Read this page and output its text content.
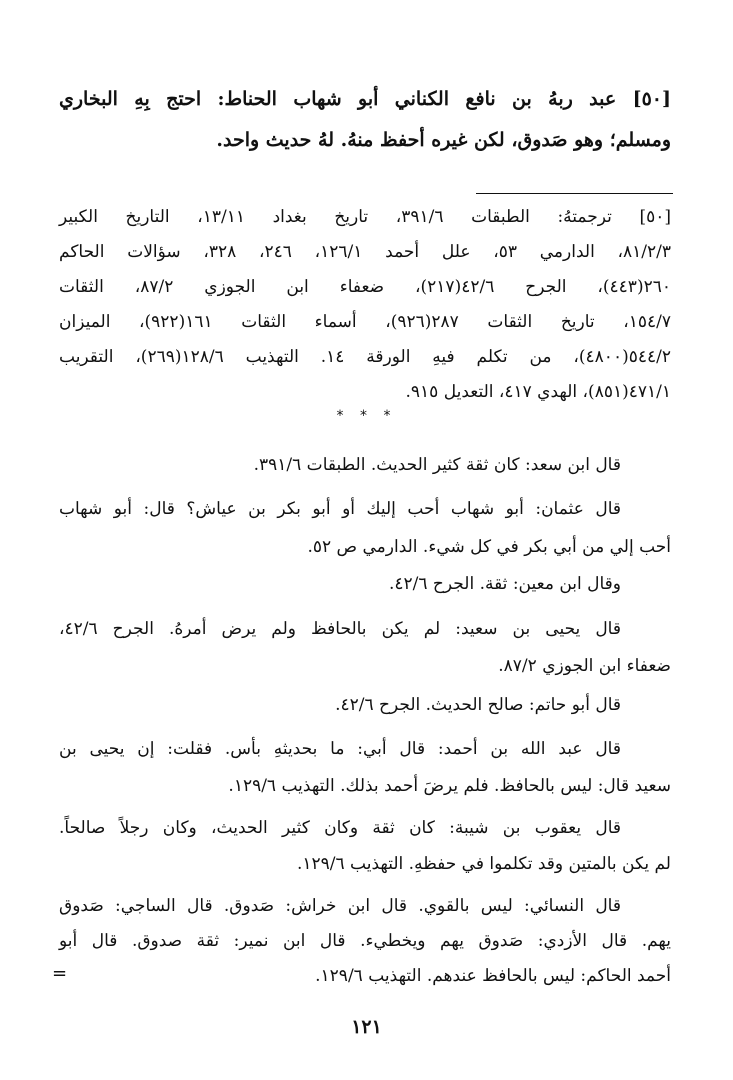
[٥٠] عبد ربهُ بن نافع الكناني أبو شهاب الحناط: احتج بِهِ البخاري
ومسلم؛ وهو صَدوق، لكن غيره أحفظ منهُ. لهُ حديث واحد.
[٥٠] ترجمتهُ: الطبقات ٣٩١/٦، تاريخ بغداد ١٣/١١، التاريخ الكبير
٨١/٢/٣، الدارمي ٥٣، علل أحمد ١٢٦/١، ٢٤٦، ٣٢٨، سؤالات الحاكم
٢٦٠(٤٤٣)، الجرح ٤٢/٦(٢١٧)، ضعفاء ابن الجوزي ٨٧/٢، الثقات
١٥٤/٧، تاريخ الثقات ٢٨٧(٩٢٦)، أسماء الثقات ١٦١(٩٢٢)، الميزان
٥٤٤/٢(٤٨٠٠)، من تكلم فيهِ الورقة ١٤. التهذيب ١٢٨/٦(٢٦٩)، التقريب
٤٧١/١(٨٥١)، الهدي ٤١٧، التعديل ٩١٥.
* * *
قال ابن سعد: كان ثقة كثير الحديث. الطبقات ٣٩١/٦.
قال عثمان: أبو شهاب أحب إليك أو أبو بكر بن عياش؟ قال: أبو شهاب
أحب إلي من أبي بكر في كل شيء. الدارمي ص ٥٢.
وقال ابن معين: ثقة. الجرح ٤٢/٦.
قال يحيى بن سعيد: لم يكن بالحافظ ولم يرض أمرهُ. الجرح ٤٢/٦،
ضعفاء ابن الجوزي ٨٧/٢.
قال أبو حاتم: صالح الحديث. الجرح ٤٢/٦.
قال عبد الله بن أحمد: قال أبي: ما بحديثهِ بأس. فقلت: إن يحيى بن
سعيد قال: ليس بالحافظ. فلم يرضَ أحمد بذلك. التهذيب ١٢٩/٦.
قال يعقوب بن شيبة: كان ثقة وكان كثير الحديث، وكان رجلاً صالحاً.
لم يكن بالمتين وقد تكلموا في حفظهِ. التهذيب ١٢٩/٦.
قال النسائي: ليس بالقوي. قال ابن خراش: صَدوق. قال الساجي: صَدوق
يهم. قال الأزدي: صَدوق يهم ويخطيء. قال ابن نمير: ثقة صدوق. قال أبو
أحمد الحاكم: ليس بالحافظ عندهم. التهذيب ١٢٩/٦.
=
١٢١
